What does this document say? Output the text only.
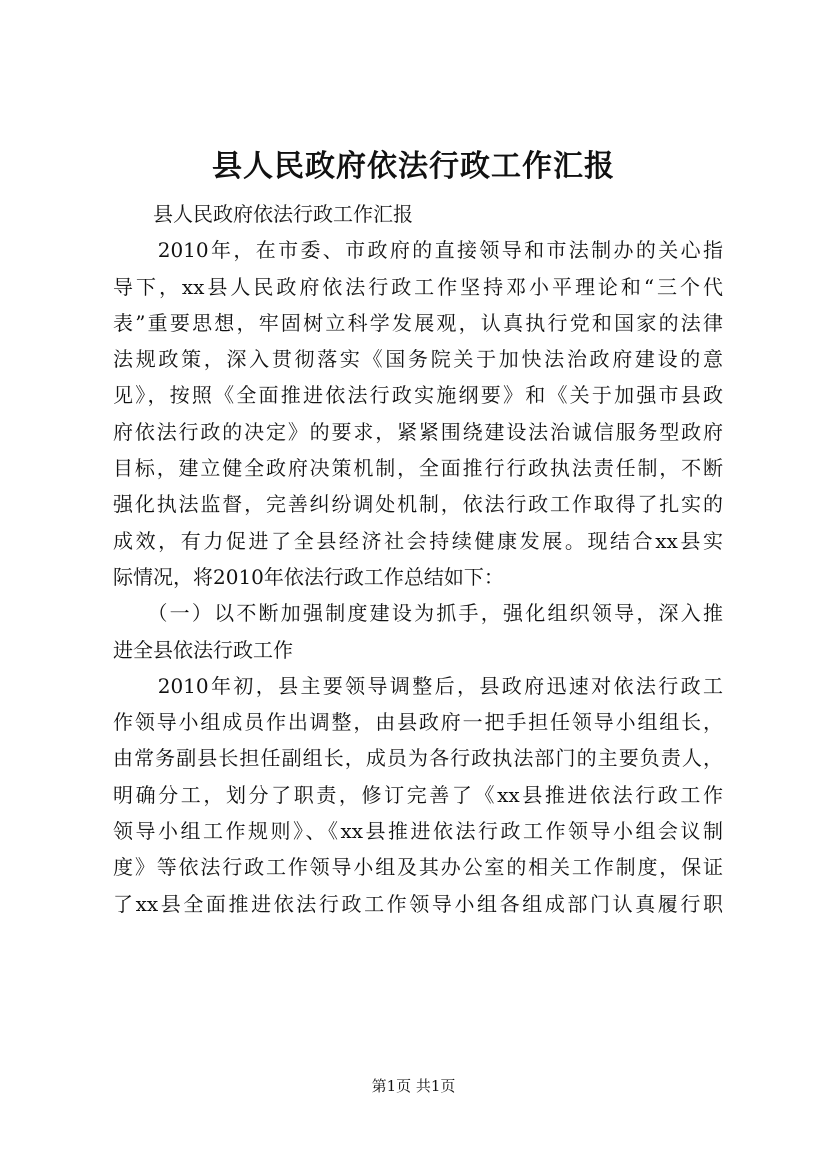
县人民政府依法行政工作汇报
　　县人民政府依法行政工作汇报
　　2010年，在市委、市政府的直接领导和市法制办的关心指
导下，xx县人民政府依法行政工作坚持邓小平理论和“三个代
表”重要思想，牢固树立科学发展观，认真执行党和国家的法律
法规政策，深入贯彻落实《国务院关于加快法治政府建设的意
见》，按照《全面推进依法行政实施纲要》和《关于加强市县政
府依法行政的决定》的要求，紧紧围绕建设法治诚信服务型政府
目标，建立健全政府决策机制，全面推行行政执法责任制，不断
强化执法监督，完善纠纷调处机制，依法行政工作取得了扎实的
成效，有力促进了全县经济社会持续健康发展。现结合xx县实
际情况，将2010年依法行政工作总结如下：
　　（一）以不断加强制度建设为抓手，强化组织领导，深入推
进全县依法行政工作
　　2010年初，县主要领导调整后，县政府迅速对依法行政工
作领导小组成员作出调整，由县政府一把手担任领导小组组长，
由常务副县长担任副组长，成员为各行政执法部门的主要负责人，
明确分工，划分了职责，修订完善了《xx县推进依法行政工作
领导小组工作规则》、《xx县推进依法行政工作领导小组会议制
度》等依法行政工作领导小组及其办公室的相关工作制度，保证
了xx县全面推进依法行政工作领导小组各组成部门认真履行职
第1页 共1页
